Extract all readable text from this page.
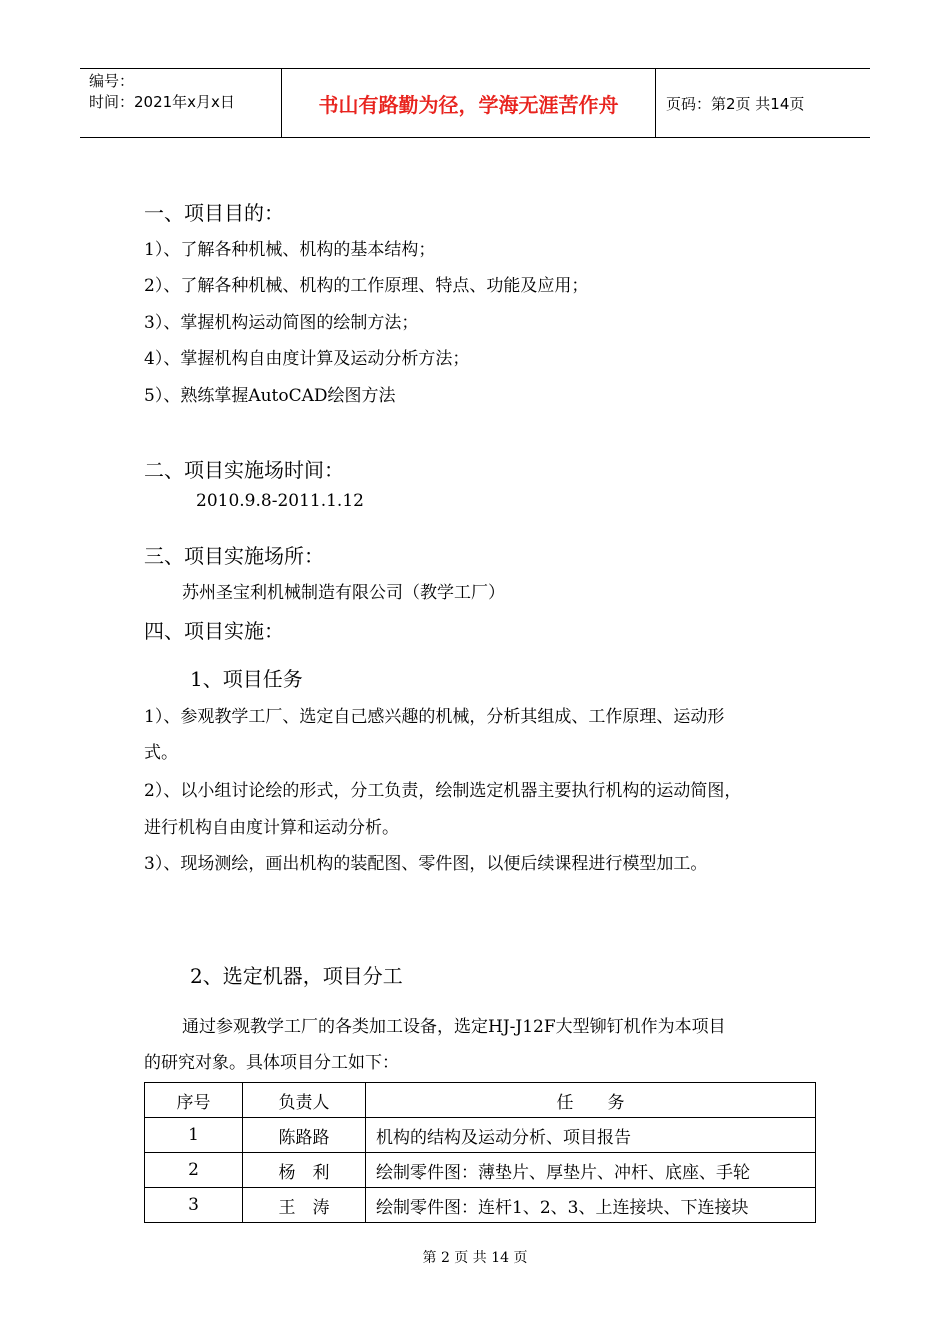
编号：
时间：2021年x月x日	书山有路勤为径，学海无涯苦作舟	页码：第2页 共14页
一、项目目的：
1）、了解各种机械、机构的基本结构；
2）、了解各种机械、机构的工作原理、特点、功能及应用；
3）、掌握机构运动简图的绘制方法；
4）、掌握机构自由度计算及运动分析方法；
5）、熟练掌握AutoCAD绘图方法
二、项目实施场时间：
2010.9.8-2011.1.12
三、项目实施场所：
苏州圣宝利机械制造有限公司（教学工厂）
四、项目实施：
1、项目任务
1）、参观教学工厂、选定自己感兴趣的机械，分析其组成、工作原理、运动形
式。
2）、以小组讨论绘的形式，分工负责，绘制选定机器主要执行机构的运动简图，
进行机构自由度计算和运动分析。
3）、现场测绘，画出机构的装配图、零件图，以便后续课程进行模型加工。
2、选定机器，项目分工
通过参观教学工厂的各类加工设备，选定HJ-J12F大型铆钉机作为本项目
的研究对象。具体项目分工如下：
序号	负责人	任　　务
1	陈路路	机构的结构及运动分析、项目报告
2	杨　利	绘制零件图：薄垫片、厚垫片、冲杆、底座、手轮
3	王　涛	绘制零件图：连杆1、2、3、上连接块、下连接块
第 2 页 共 14 页
